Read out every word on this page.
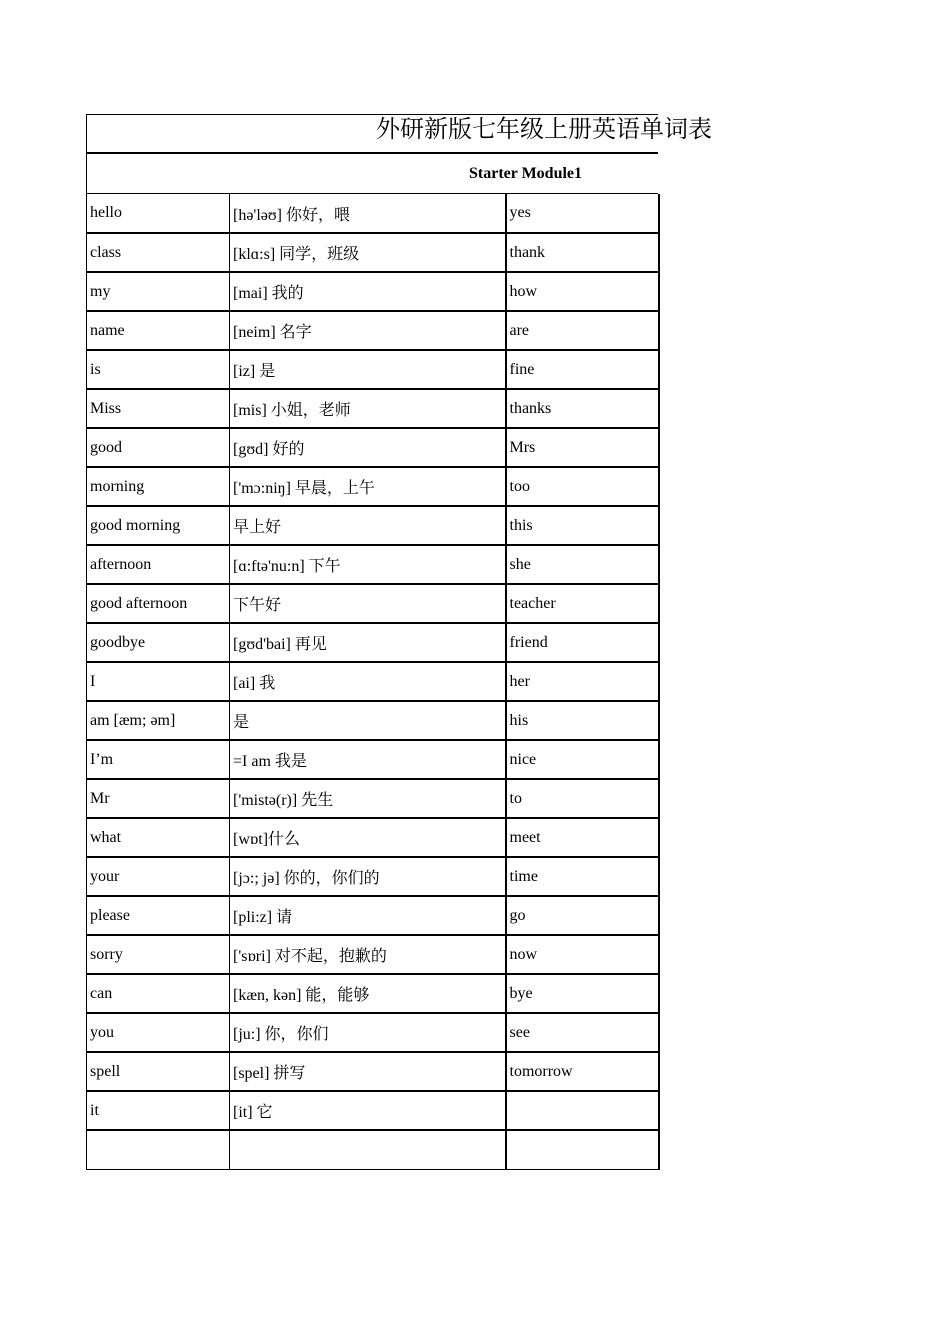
外研新版七年级上册英语单词表
Starter Module1
hello	[hə'ləʊ] 你好，喂	yes
class	[klɑ:s] 同学，班级	thank
my	[mai] 我的	how
name	[neim] 名字	are
is	[iz] 是	fine
Miss	[mis] 小姐，老师	thanks
good	[gʊd] 好的	Mrs
morning	['mɔ:niŋ] 早晨，上午	too
good morning	早上好	this
afternoon	[ɑ:ftə'nu:n] 下午	she
good afternoon	下午好	teacher
goodbye	[gʊd'bai] 再见	friend
I	[ai] 我	her
am [æm; əm]	是	his
I’m	=I am 我是	nice
Mr	['mistə(r)] 先生	to
what	[wɒt]什么	meet
your	[jɔ:; jə] 你的，你们的	time
please	[pli:z] 请	go
sorry	['sɒri] 对不起，抱歉的	now
can	[kæn, kən] 能，能够	bye
you	[ju:] 你，你们	see
spell	[spel] 拼写	tomorrow
it	[it] 它	
